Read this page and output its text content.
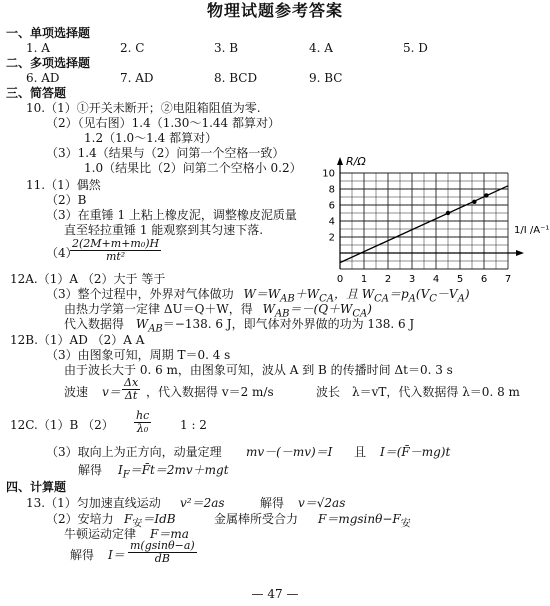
物理试题参考答案
一、单项选择题
1. A	2. C	3. B	4. A	5. D
二、多项选择题
6. AD	7. AD	8. BCD	9. BC
三、简答题
10.（1）①开关未断开；②电阻箱阻值为零.
（2）（见右图）1.4（1.30～1.44 都算对）
1.2（1.0～1.4 都算对）
（3）1.4（结果与（2）问第一个空格一致）
1.0（结果比（2）问第二个空格小 0.2）
11.（1）偶然
（2）B
（3）在重锤 1 上粘上橡皮泥，调整橡皮泥质量
直至轻拉重锤 1 能观察到其匀速下落.
（4）
$\frac{\text{2(2M+m+m₀)H}}{\text{mt²}}$
12A.（1）A （2）大于 等于
（3）整个过程中，外界对气体做功 $W=W_{AB}+W_{CA}$，且 $W_{CA}=p_A(V_C-V_A)$
由热力学第一定律 ΔU＝Q＋W，得 $W_{AB}=-(Q+W_{CA})$
代入数据得 $W_{AB}=-138$. 6 J，即气体对外界做的功为 138. 6 J
12B.（1）AD （2）A A
（3）由图象可知，周期 T＝0. 4 s
由于波长大于 0. 6 m，由图象可知，波从 A 到 B 的传播时间 Δt＝0. 3 s
波速 $v= \frac{\Delta x}{\Delta t}$ ，代入数据得 v＝2 m/s	波长 λ＝vT，代入数据得 λ＝0. 8 m
12C.（1）B $(2) \frac{hc}{\text{λ₀}} 1$ : 2
（3）取向上为正方向，动量定理 mv－(－mv)＝I 且 I＝(F̄－mg)t
解得 $I_F=F̄t=2mv+mgt$
四、计算题
13.（1）匀加速直线运动 v²＝2as	解得 v＝√2as
（2）安培力 $F_安=IdB$	金属棒所受合力 $F=mgsin\theta-F_安$
牛顿运动定律 F＝ma
解得 $I= \frac{m(gsin\theta-a)}{dB}$
— 47 —
0 1 2 3 4 5 6 7
10
8
6
4
2
R/Ω
1/I /A⁻¹
